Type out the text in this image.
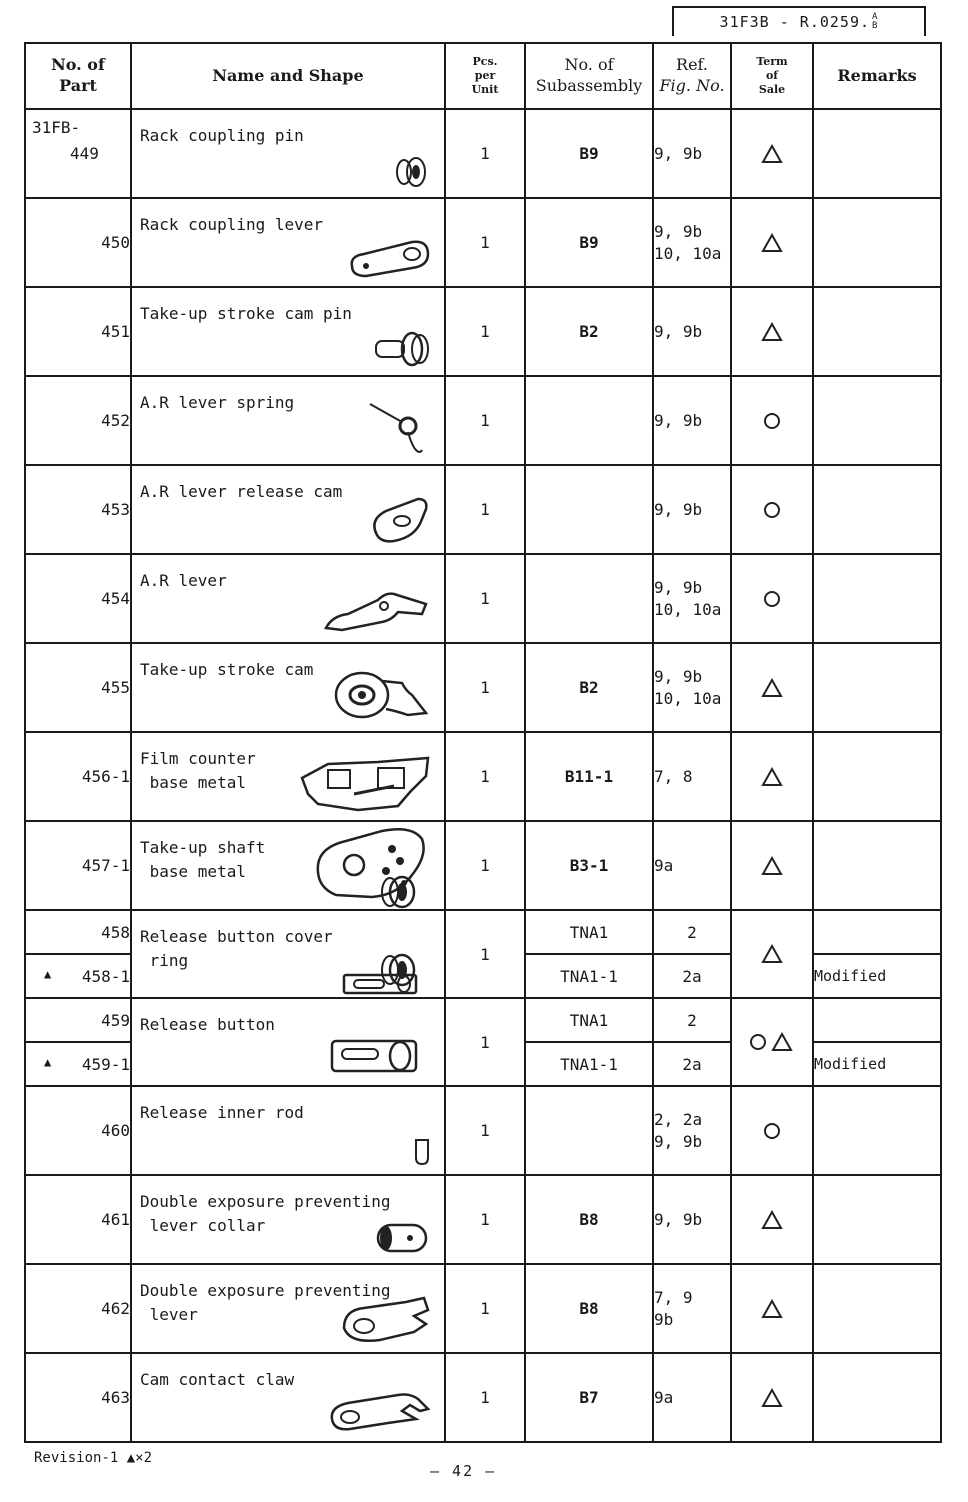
31F3B - R.0259. A
B
No. of
Part	Name and Shape	Pcs.
per
Unit	No. of
Subassembly	Ref.
Fig. No.	Term
of
Sale	Remarks

31FB-
449	Rack coupling pin	1	B9	9, 9b	

450	Rack coupling lever	1	B9	9, 9b
10, 10a	

451	Take-up stroke cam pin	1	B2	9, 9b	

452	A.R lever spring	1		9, 9b	

453	A.R lever release cam	1		9, 9b	

454	A.R lever	1		9, 9b
10, 10a	

455	Take-up stroke cam	1	B2	9, 9b
10, 10a	

456-1	Film counter
base metal	1	B11-1	7, 8	

457-1	Take-up shaft
base metal	1	B3-1	9a	

458	Release button cover
ring	1	TNA1	2	

▲ 458-1			TNA1-1	2a		Modified
459	Release button	1	TNA1	2	

▲ 459-1			TNA1-1	2a		Modified
460	Release inner rod	1		2, 2a
9, 9b	

461	Double exposure preventing
lever collar	1	B8	9, 9b	

462	Double exposure preventing
lever	1	B8	7, 9
9b	

463	Cam contact claw	1	B7	9a	

Revision-1 ▲×2
— 42 —
